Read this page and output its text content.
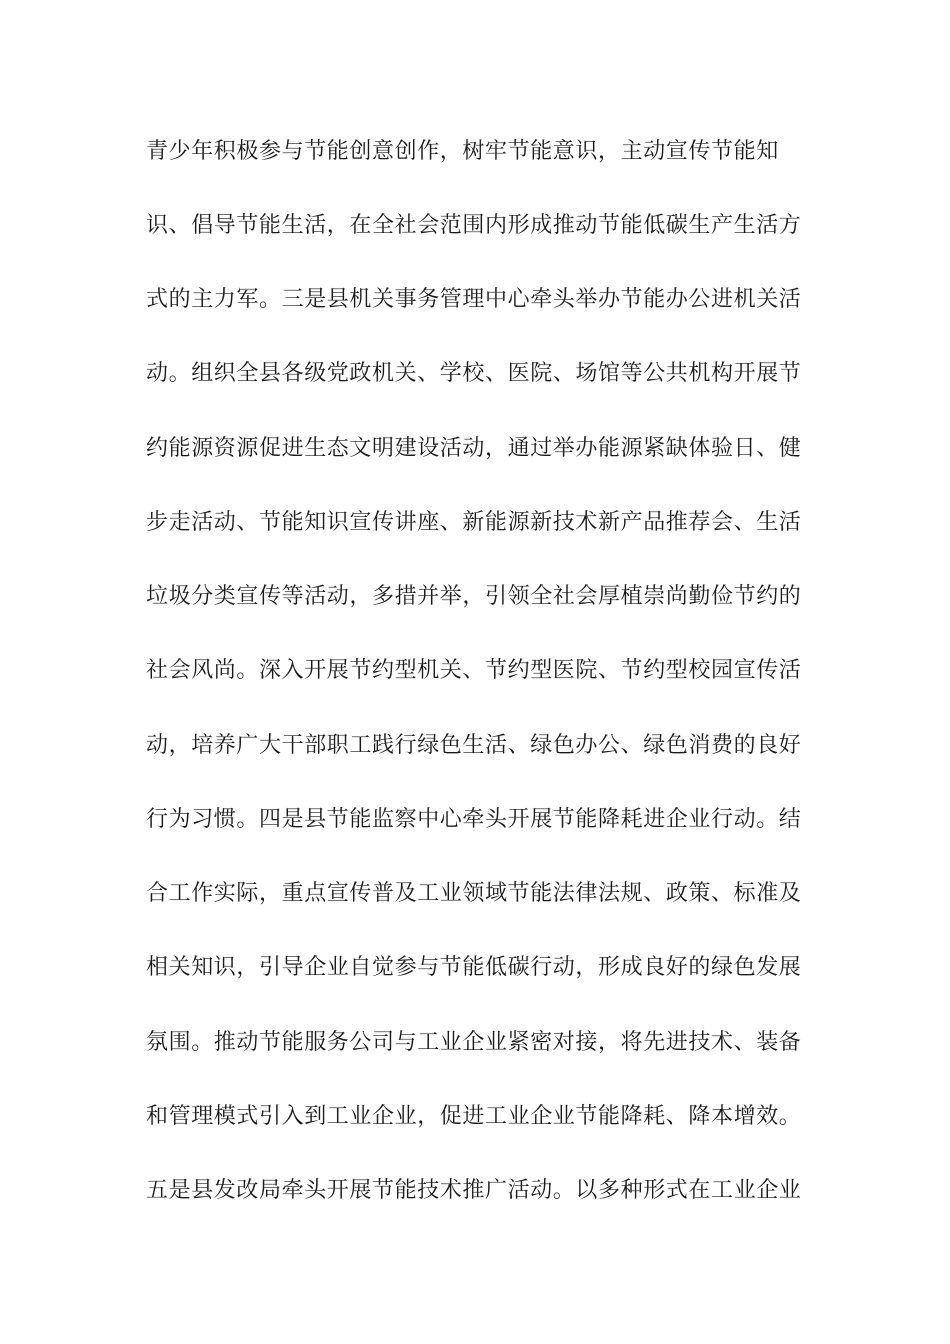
青少年积极参与节能创意创作，树牢节能意识，主动宣传节能知
识、倡导节能生活，在全社会范围内形成推动节能低碳生产生活方
式的主力军。三是县机关事务管理中心牵头举办节能办公进机关活
动。组织全县各级党政机关、学校、医院、场馆等公共机构开展节
约能源资源促进生态文明建设活动，通过举办能源紧缺体验日、健
步走活动、节能知识宣传讲座、新能源新技术新产品推荐会、生活
垃圾分类宣传等活动，多措并举，引领全社会厚植崇尚勤俭节约的
社会风尚。深入开展节约型机关、节约型医院、节约型校园宣传活
动，培养广大干部职工践行绿色生活、绿色办公、绿色消费的良好
行为习惯。四是县节能监察中心牵头开展节能降耗进企业行动。结
合工作实际，重点宣传普及工业领域节能法律法规、政策、标准及
相关知识，引导企业自觉参与节能低碳行动，形成良好的绿色发展
氛围。推动节能服务公司与工业企业紧密对接，将先进技术、装备
和管理模式引入到工业企业，促进工业企业节能降耗、降本增效。
五是县发改局牵头开展节能技术推广活动。以多种形式在工业企业
